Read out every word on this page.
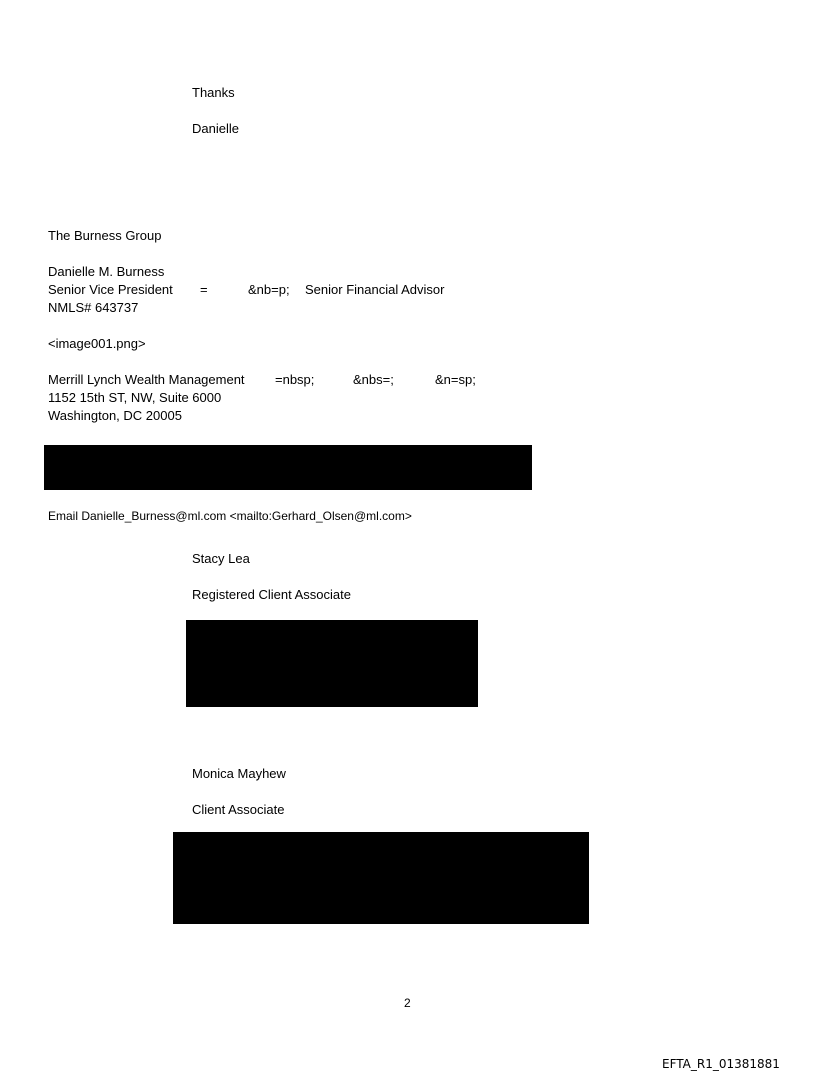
Thanks
Danielle
The Burness Group
Danielle M. Burness
Senior Vice President =	&nb=p; Senior Financial Advisor
NMLS# 643737
<image001.png>
Merrill Lynch Wealth Management =nbsp;	&nbs=;	&n=sp;
1152 15th ST, NW, Suite 6000
Washington, DC 20005

Email Danielle_Burness@ml.com <mailto:Gerhard_Olsen@ml.com>

Stacy Lea
Registered Client Associate
Monica Mayhew
Client Associate
2
EFTA_R1_01381881
